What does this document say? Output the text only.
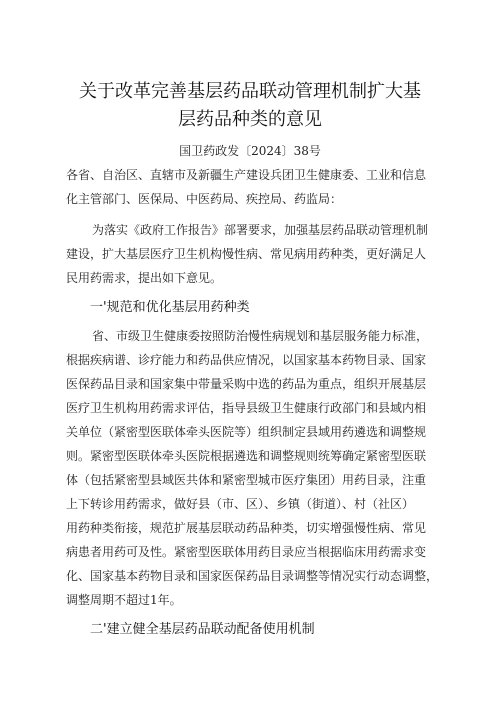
关于改革完善基层药品联动管理机制扩大基
层药品种类的意见
国卫药政发〔2024〕38号
各省、自治区、直辖市及新疆生产建设兵团卫生健康委、工业和信息
化主管部门、医保局、中医药局、疾控局、药监局：
为落实《政府工作报告》部署要求，加强基层药品联动管理机制
建设，扩大基层医疗卫生机构慢性病、常见病用药种类，更好满足人
民用药需求，提出如下意见。
一'规范和优化基层用药种类
省、市级卫生健康委按照防治慢性病规划和基层服务能力标准，
根据疾病谱、诊疗能力和药品供应情况，以国家基本药物目录、国家
医保药品目录和国家集中带量采购中选的药品为重点，组织开展基层
医疗卫生机构用药需求评估，指导县级卫生健康行政部门和县域内相
关单位（紧密型医联体牵头医院等）组织制定县域用药遴选和调整规
则。紧密型医联体牵头医院根据遴选和调整规则统筹确定紧密型医联
体（包括紧密型县域医共体和紧密型城市医疗集团）用药目录，注重
上下转诊用药需求，做好县（市、区）、乡镇（街道）、村（社区）
用药种类衔接，规范扩展基层联动药品种类，切实增强慢性病、常见
病患者用药可及性。紧密型医联体用药目录应当根据临床用药需求变
化、国家基本药物目录和国家医保药品目录调整等情况实行动态调整，
调整周期不超过1年。
二'建立健全基层药品联动配备使用机制
